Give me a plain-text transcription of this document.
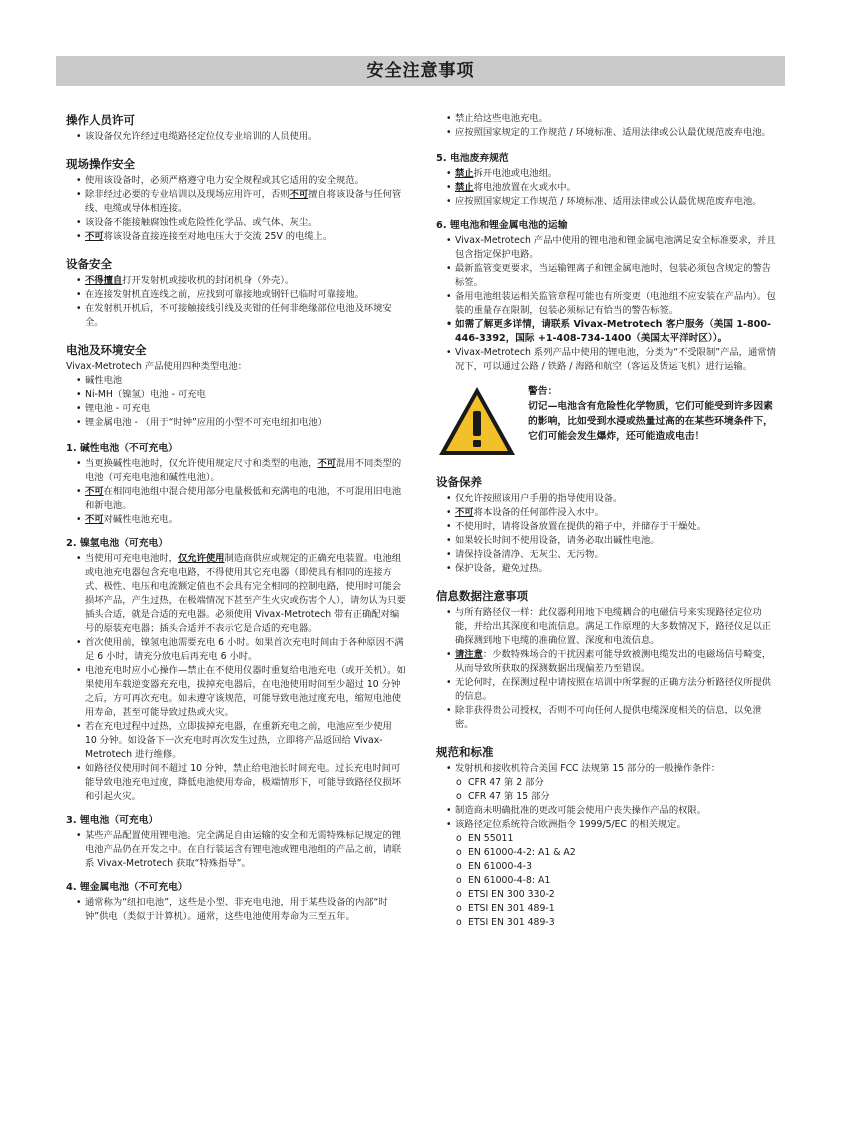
安全注意事项
操作人员许可
• 该设备仅允许经过电缆路径定位仪专业培训的人员使用。
现场操作安全
• 使用该设备时，必须严格遵守电力安全规程或其它适用的安全规范。
• 除非经过必要的专业培训以及现场应用许可，否则不可擅自将该设备与任何管线、电缆或导体相连接。
• 该设备不能接触腐蚀性或危险性化学品、或气体、灰尘。
• 不可将该设备直接连接至对地电压大于交流 25V 的电缆上。
设备安全
• 不得擅自打开发射机或接收机的封闭机身（外壳）。
• 在连接发射机直连线之前，应找到可靠接地或钢钎已临时可靠接地。
• 在发射机开机后，不可接触接线引线及夹钳的任何非绝缘部位电池及环境安全。
电池及环境安全
Vivax-Metrotech 产品使用四种类型电池：
• 碱性电池
• Ni-MH（镍氢）电池 - 可充电
• 锂电池 - 可充电
• 锂金属电池 - （用于“时钟”应用的小型不可充电纽扣电池）
1. 碱性电池（不可充电）
• 当更换碱性电池时，仅允许使用规定尺寸和类型的电池，不可混用不同类型的电池（可充电电池和碱性电池）。
• 不可在相同电池组中混合使用部分电量极低和充满电的电池，不可混用旧电池和新电池。
• 不可对碱性电池充电。
2. 镍氢电池（可充电）
• 当使用可充电电池时，仅允许使用制造商供应或规定的正确充电装置。电池组或电池充电器包含充电电路，不得使用其它充电器（即使具有相同的连接方式、极性、电压和电流额定值也不会具有完全相同的控制电路，使用时可能会损坏产品，产生过热，在极端情况下甚至产生火灾或伤害个人），请勿认为只要插头合适，就是合适的充电器。必须使用 Vivax-Metrotech 带有正确配对编号的原装充电器；插头合适并不表示它是合适的充电器。
• 首次使用前，镍氢电池需要充电 6 小时。如果首次充电时间由于各种原因不满足 6 小时，请充分放电后再充电 6 小时。
• 电池充电时应小心操作—禁止在不使用仪器时重复给电池充电（或开关机）。如果使用车载逆变器充充电，拔掉充电器后，在电池使用时间至少超过 10 分钟之后，方可再次充电。如未遵守该规范，可能导致电池过度充电，缩短电池使用寿命，甚至可能导致过热或火灾。
• 若在充电过程中过热，立即拔掉充电器，在重新充电之前，电池应至少使用 10 分钟。如设备下一次充电时再次发生过热，立即将产品返回给 Vivax-Metrotech 进行维修。
• 如路径仪使用时间不超过 10 分钟，禁止给电池长时间充电。过长充电时间可能导致电池充电过度，降低电池使用寿命，极端情形下，可能导致路径仪损坏和引起火灾。
3. 锂电池（可充电）
• 某些产品配置使用锂电池。完全满足自由运输的安全和无需特殊标记规定的锂电池产品仍在开发之中。在自行装运含有锂电池或锂电池组的产品之前，请联系 Vivax-Metrotech 获取“特殊指导”。
4. 锂金属电池（不可充电）
• 通常称为“纽扣电池”，这些是小型、非充电电池，用于某些设备的内部“时钟”供电（类似于计算机）。通常，这些电池使用寿命为三至五年。
• 禁止给这些电池充电。
• 应按照国家规定的工作规范 / 环境标准、适用法律或公认最优规范废弃电池。
5. 电池废弃规范
• 禁止拆开电池或电池组。
• 禁止将电池放置在火或水中。
• 应按照国家规定工作规范 / 环境标准、适用法律或公认最优规范废弃电池。
6. 锂电池和锂金属电池的运输
• Vivax-Metrotech 产品中使用的锂电池和锂金属电池满足安全标准要求，并且包含指定保护电路。
• 最新监管变更要求，当运输锂离子和锂金属电池时，包装必须包含规定的警告标签。
• 备用电池组装运相关监管章程可能也有所变更（电池组不应安装在产品内）。包装的重量存在限制，包装必须标记有恰当的警告标签。
• 如需了解更多详情，请联系 Vivax-Metrotech 客户服务（美国 1-800-446-3392，国际 +1-408-734-1400（美国太平洋时区））。
• Vivax-Metrotech 系列产品中使用的锂电池，分类为“不受限制”产品，通常情况下，可以通过公路 / 铁路 / 海路和航空（客运及货运飞机）进行运输。
警告：
切记—电池含有危险性化学物质，它们可能受到许多因素的影响，比如受到水浸或热量过高的在某些环境条件下，它们可能会发生爆炸，还可能造成电击！
设备保养
• 仅允许按照该用户手册的指导使用设备。
• 不可将本设备的任何部件浸入水中。
• 不使用时，请将设备放置在提供的箱子中，并储存于干燥处。
• 如果较长时间不使用设备，请务必取出碱性电池。
• 请保持设备清净、无灰尘、无污物。
• 保护设备，避免过热。
信息数据注意事项
• 与所有路径仪一样：此仪器利用地下电缆耦合的电磁信号来实现路径定位功能，并给出其深度和电流信息。满足工作原理的大多数情况下，路径仪足以正确探测到地下电缆的准确位置、深度和电流信息。
• 请注意：少数特殊场合的干扰因素可能导致被测电缆发出的电磁场信号畸变，从而导致所获取的探测数据出现偏差乃至错误。
• 无论何时，在探测过程中请按照在培训中所掌握的正确方法分析路径仪所提供的信息。
• 除非获得贵公司授权，否则不可向任何人提供电缆深度相关的信息，以免泄密。
规范和标准
• 发射机和接收机符合美国 FCC 法规第 15 部分的一般操作条件：
o CFR 47 第 2 部分
o CFR 47 第 15 部分
• 制造商未明确批准的更改可能会使用户丧失操作产品的权限。
• 该路径定位系统符合欧洲指令 1999/5/EC 的相关规定。
o EN 55011
o EN 61000-4-2: A1 & A2
o EN 61000-4-3
o EN 61000-4-8: A1
o ETSI EN 300 330-2
o ETSI EN 301 489-1
o ETSI EN 301 489-3
